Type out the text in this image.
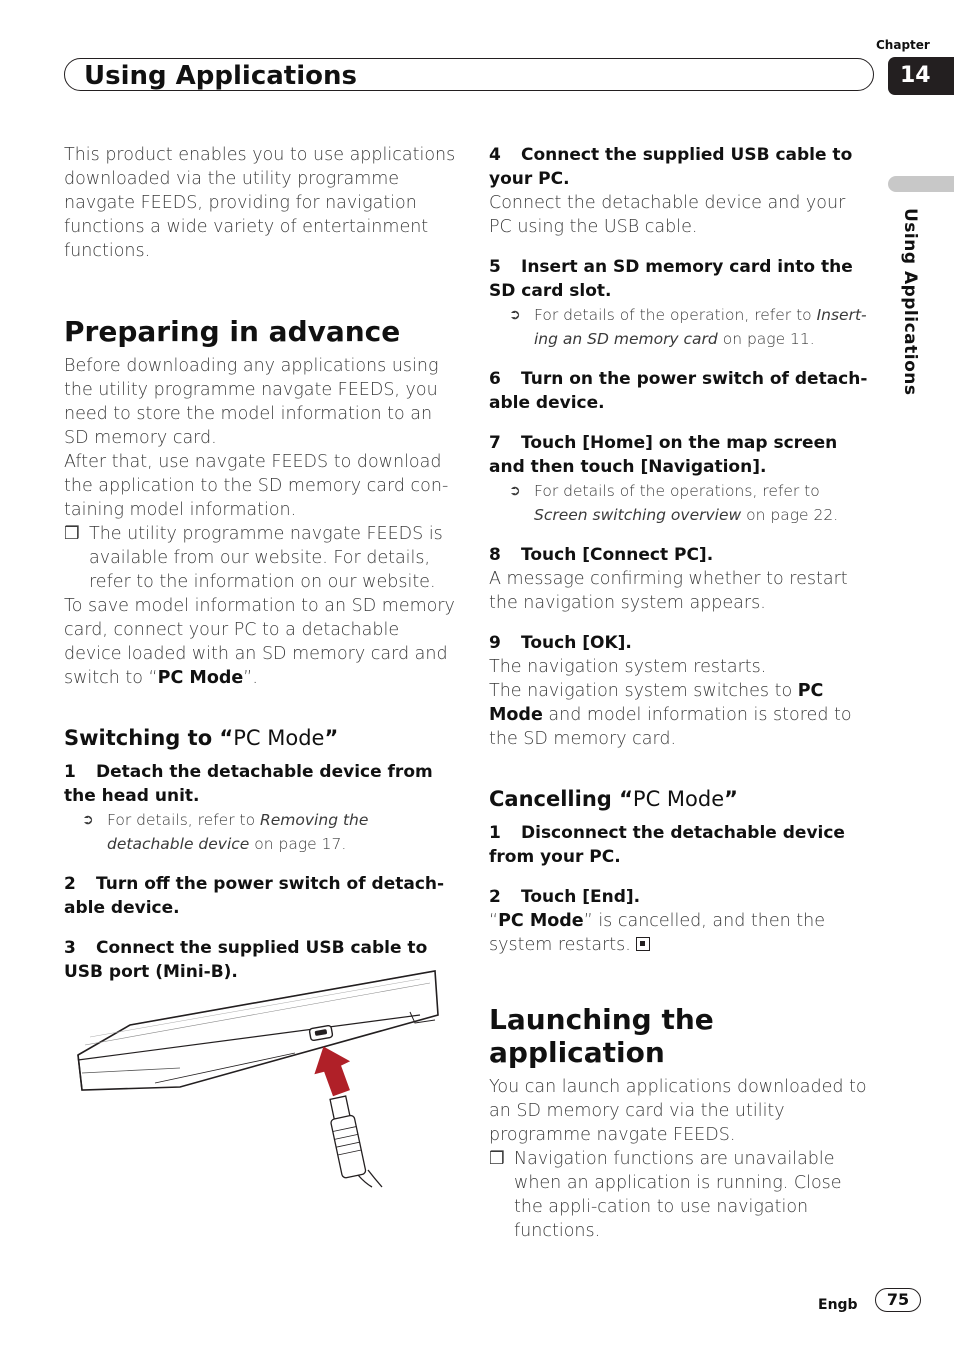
Using Applications
Chapter
14
Using Applications

This product enables you to use applications downloaded via the utility programme navgate FEEDS, providing for navigation functions a wide variety of entertainment functions.

Preparing in advance

Before downloading any applications using the utility programme navgate FEEDS, you need to store the model information to an SD memory card.

After that, use navgate FEEDS to download the application to the SD memory card con-taining model information.

❒ The utility programme navgate FEEDS is available from our website. For details, refer to the information on our website.

To save model information to an SD memory card, connect your PC to a detachable device loaded with an SD memory card and switch to “PC Mode”.

Switching to “PC Mode”

1 Detach the detachable device from the head unit.

➲ For details, refer to Removing the detachable device on page 17.

2 Turn off the power switch of detach-able device.

3 Connect the supplied USB cable to USB port (Mini-B).

4 Connect the supplied USB cable to your PC.

Connect the detachable device and your PC using the USB cable.

5 Insert an SD memory card into the SD card slot.

➲ For details of the operation, refer to Insert-ing an SD memory card on page 11.

6 Turn on the power switch of detach-able device.

7 Touch [Home] on the map screen and then touch [Navigation].

➲ For details of the operations, refer to Screen switching overview on page 22.

8 Touch [Connect PC].

A message confirming whether to restart the navigation system appears.

9 Touch [OK].

The navigation system restarts.

The navigation system switches to PC Mode and model information is stored to the SD memory card.

Cancelling “PC Mode”

1 Disconnect the detachable device from your PC.

2 Touch [End].

“PC Mode” is cancelled, and then the system restarts.

Launching the application

You can launch applications downloaded to an SD memory card via the utility programme navgate FEEDS.

❒ Navigation functions are unavailable when an application is running. Close the appli-cation to use navigation functions.
Engb	75
